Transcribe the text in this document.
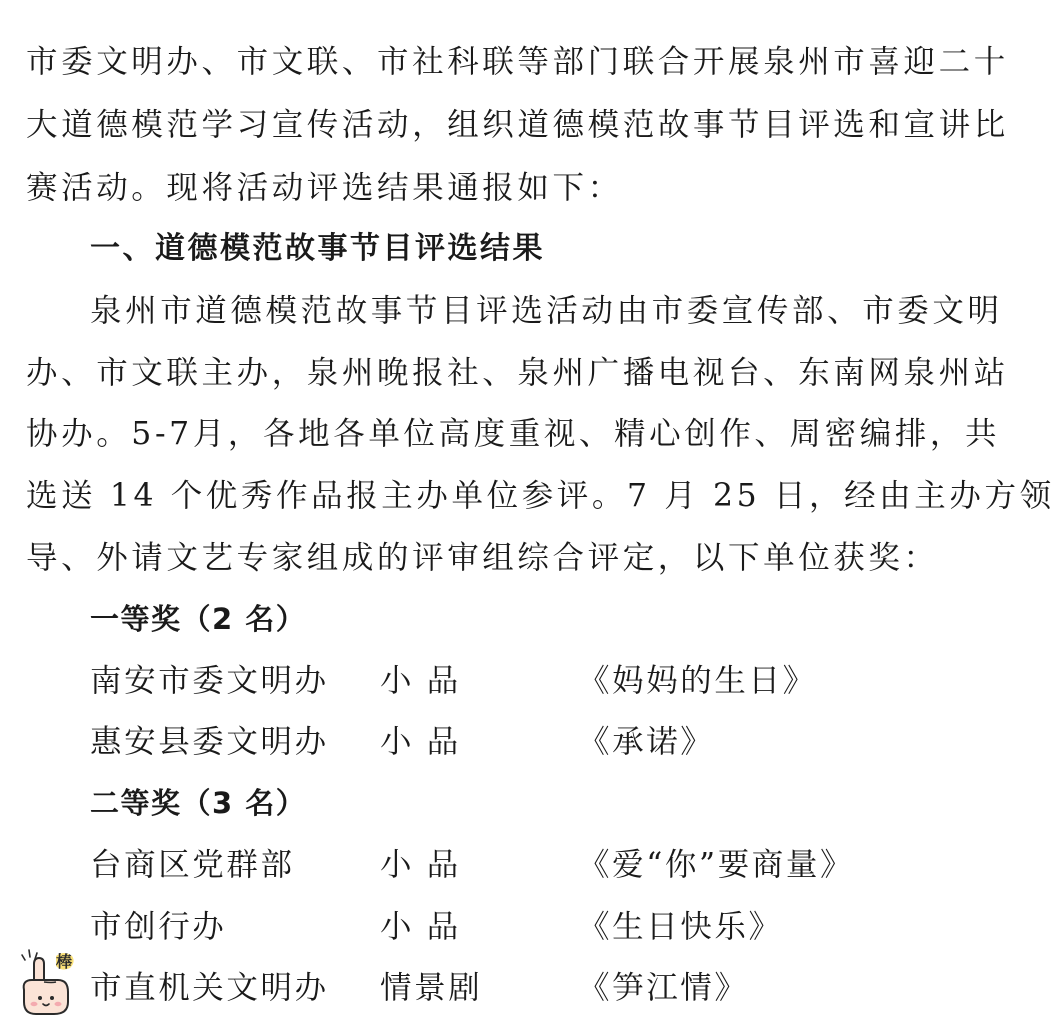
市委文明办、市文联、市社科联等部门联合开展泉州市喜迎二十
大道德模范学习宣传活动，组织道德模范故事节目评选和宣讲比
赛活动。现将活动评选结果通报如下：
一、道德模范故事节目评选结果
泉州市道德模范故事节目评选活动由市委宣传部、市委文明
办、市文联主办，泉州晚报社、泉州广播电视台、东南网泉州站
协办。5-7月，各地各单位高度重视、精心创作、周密编排，共
选送 14 个优秀作品报主办单位参评。7 月 25 日，经由主办方领
导、外请文艺专家组成的评审组综合评定，以下单位获奖：
一等奖（2 名）
南安市委文明办 小 品	《妈妈的生日》
惠安县委文明办 小 品	《承诺》
二等奖（3 名）
台商区党群部	小 品	《爱“你”要商量》
市创行办	小 品	《生日快乐》
市直机关文明办 情景剧	《笋江情》
棒
